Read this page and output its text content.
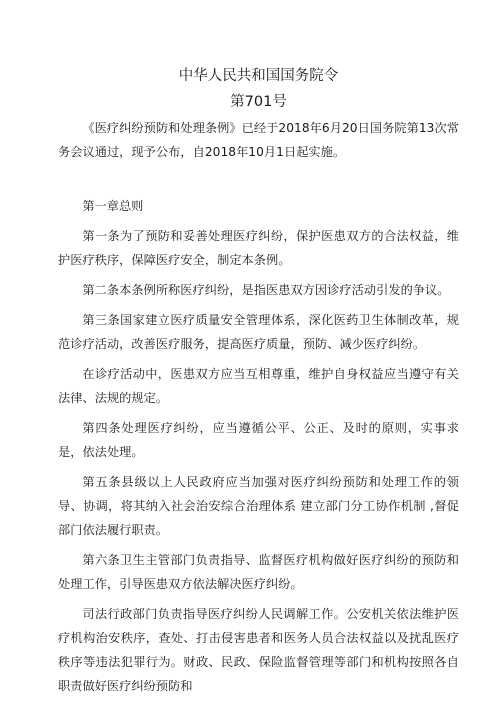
中华人民共和国国务院令
第701号

《医疗纠纷预防和处理条例》已经于2018年6月20日国务院第13次常务会议通过，现予公布，自2018年10月1日起实施。

第一章总则

第一条为了预防和妥善处理医疗纠纷，保护医患双方的合法权益，维护医疗秩序，保障医疗安全，制定本条例。

第二条本条例所称医疗纠纷，是指医患双方因诊疗活动引发的争议。

第三条国家建立医疗质量安全管理体系，深化医药卫生体制改革，规范诊疗活动，改善医疗服务，提高医疗质量，预防、减少医疗纠纷。

在诊疗活动中，医患双方应当互相尊重，维护自身权益应当遵守有关法律、法规的规定。

第四条处理医疗纠纷，应当遵循公平、公正、及时的原则，实事求是，依法处理。

第五条县级以上人民政府应当加强对医疗纠纷预防和处理工作的领导、协调，将其纳入社会治安综合治理体系 建立部门分工协作机制 ,督促部门依法履行职责。

第六条卫生主管部门负责指导、监督医疗机构做好医疗纠纷的预防和处理工作，引导医患双方依法解决医疗纠纷。

司法行政部门负责指导医疗纠纷人民调解工作。公安机关依法维护医疗机构治安秩序，查处、打击侵害患者和医务人员合法权益以及扰乱医疗秩序等违法犯罪行为。财政、民政、保险监督管理等部门和机构按照各自职责做好医疗纠纷预防和
